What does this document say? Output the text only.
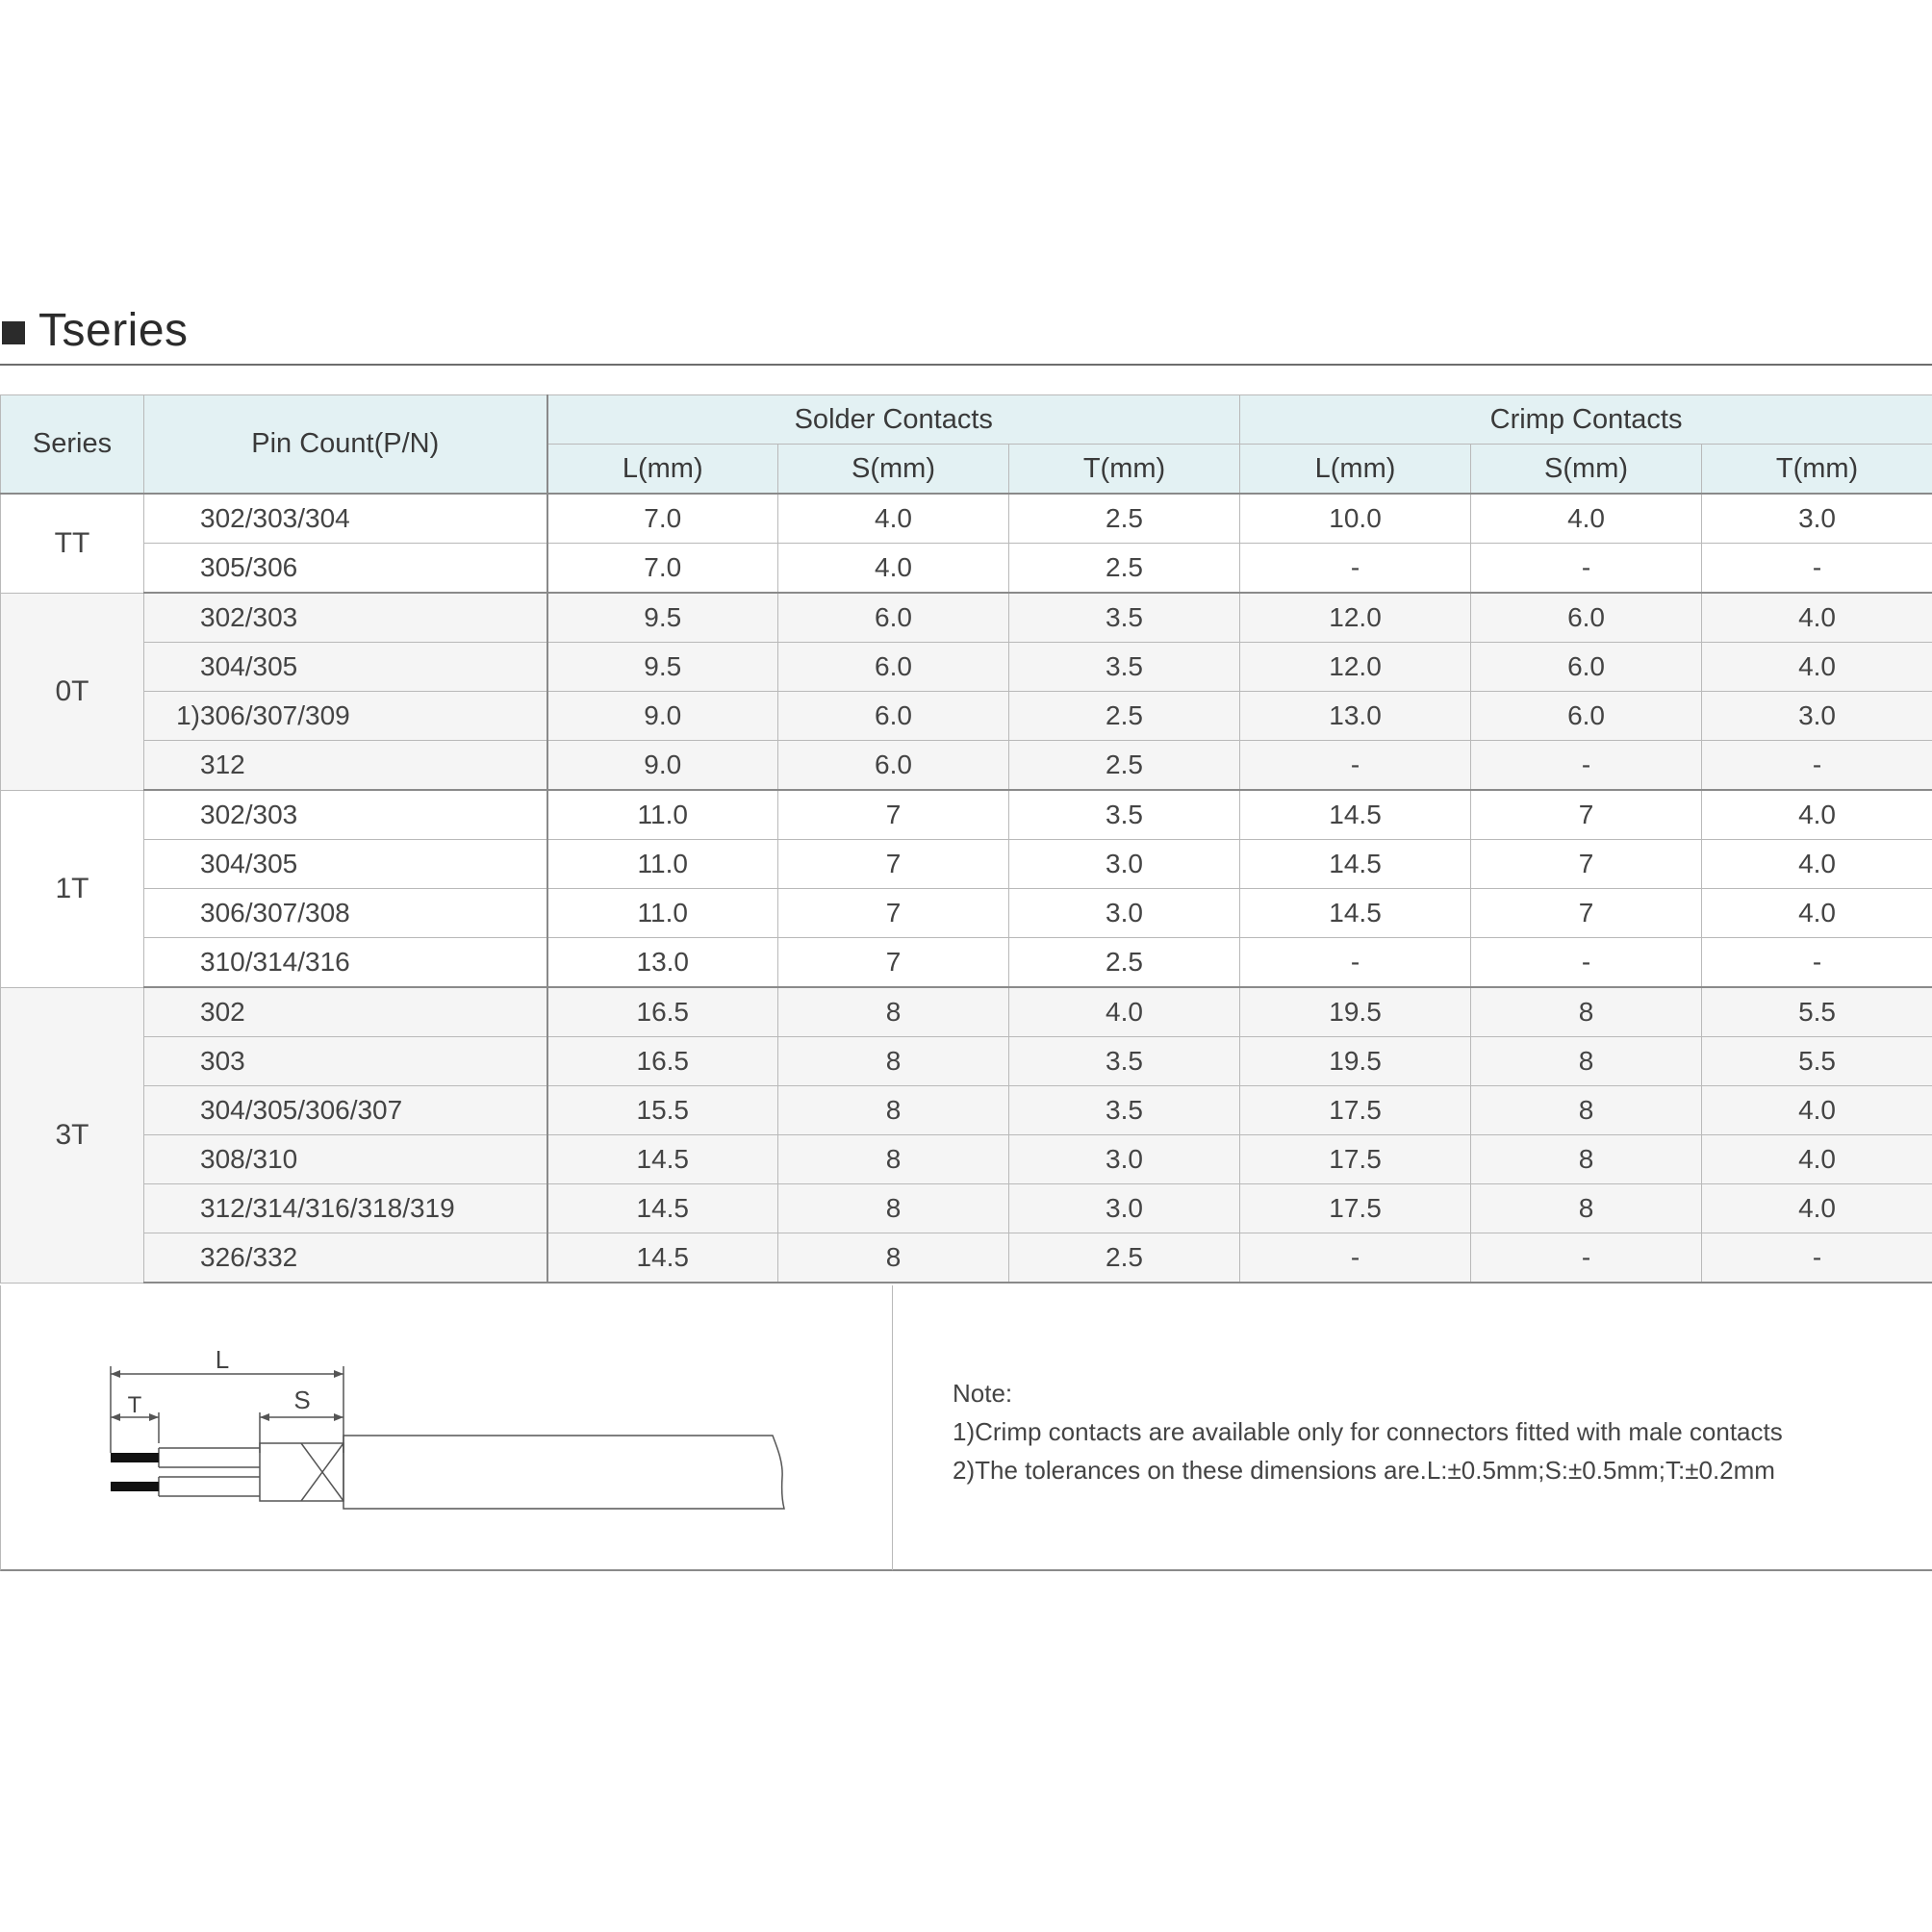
Tseries
Series	Pin Count(P/N)	Solder Contacts			Crimp Contacts		
		L(mm)	S(mm)	T(mm)	L(mm)	S(mm)	T(mm)
TT	302/303/304	7.0	4.0	2.5	10.0	4.0	3.0
	305/306	7.0	4.0	2.5	-	-	-
0T	302/303	9.5	6.0	3.5	12.0	6.0	4.0
	304/305	9.5	6.0	3.5	12.0	6.0	4.0
	1)306/307/309	9.0	6.0	2.5	13.0	6.0	3.0
	312	9.0	6.0	2.5	-	-	-
1T	302/303	11.0	7	3.5	14.5	7	4.0
	304/305	11.0	7	3.0	14.5	7	4.0
	306/307/308	11.0	7	3.0	14.5	7	4.0
	310/314/316	13.0	7	2.5	-	-	-
3T	302	16.5	8	4.0	19.5	8	5.5
	303	16.5	8	3.5	19.5	8	5.5
	304/305/306/307	15.5	8	3.5	17.5	8	4.0
	308/310	14.5	8	3.0	17.5	8	4.0
	312/314/316/318/319	14.5	8	3.0	17.5	8	4.0
	326/332	14.5	8	2.5	-	-	-
L
T	S	Note:
1)Crimp contacts are available only for connectors fitted with male contacts
2)The tolerances on these dimensions are.L:±0.5mm;S:±0.5mm;T:±0.2mm
